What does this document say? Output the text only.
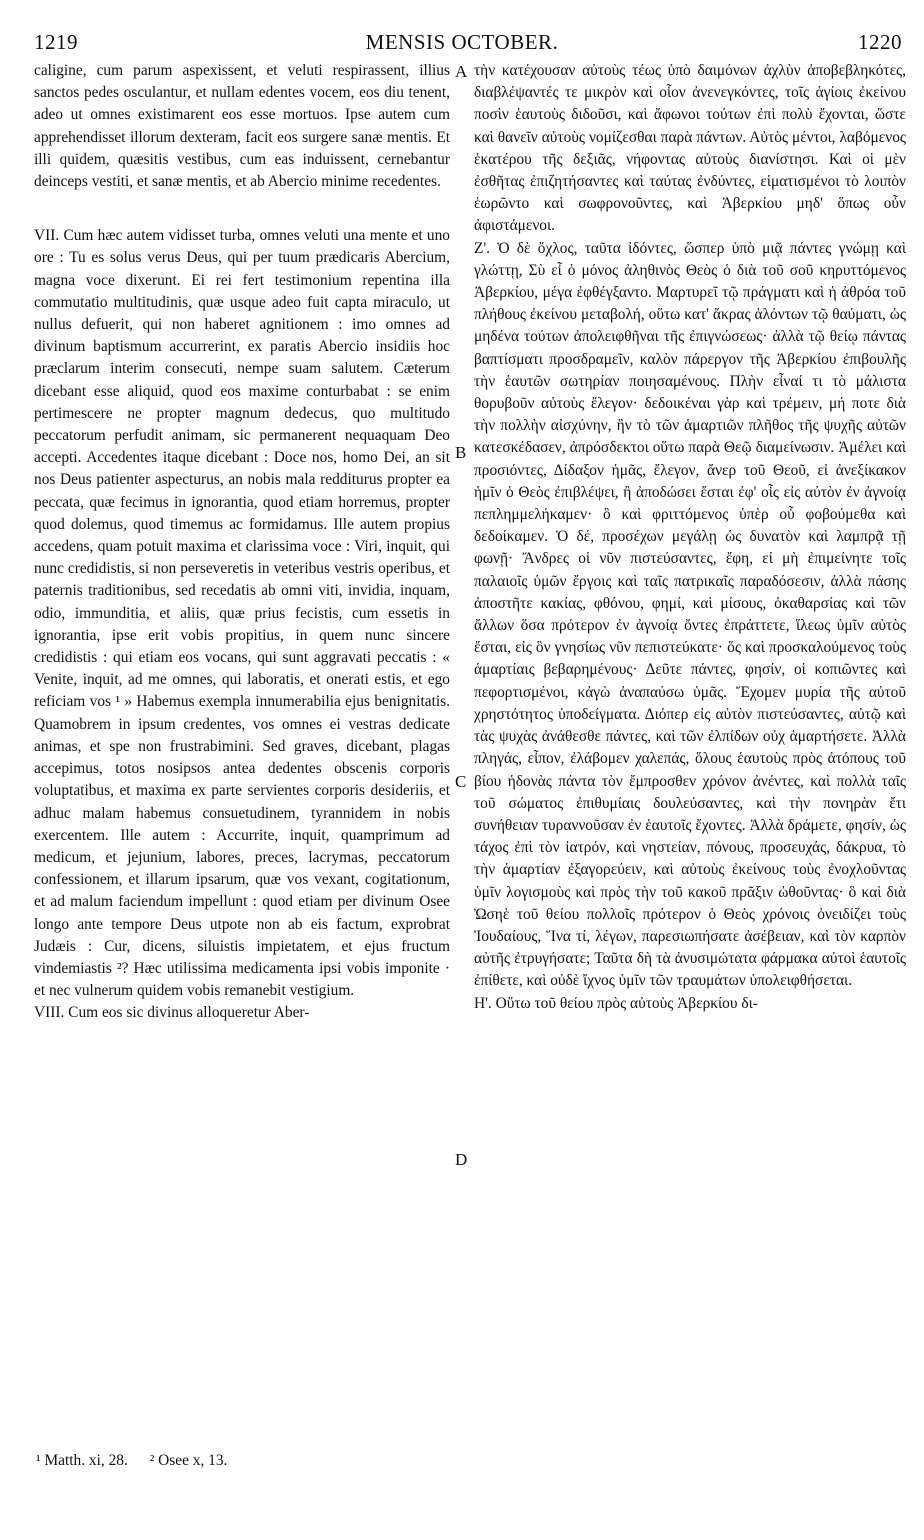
1219	MENSIS OCTOBER.	1220

caligine, cum parum aspexissent, et veluti respirassent, illius sanctos pedes osculantur, et nullam edentes vocem, eos diu tenent, adeo ut omnes existimarent eos esse mortuos. Ipse autem cum apprehendisset illorum dexteram, facit eos surgere sanæ mentis. Et illi quidem, quæsitis vestibus, cum eas induissent, cernebantur deinceps vestiti, et sanæ mentis, et ab Abercio minime recedentes.

VII. Cum hæc autem vidisset turba, omnes veluti una mente et uno ore : Tu es solus verus Deus, qui per tuum prædicaris Abercium, magna voce dixerunt. Ei rei fert testimonium repentina illa commutatio multitudinis, quæ usque adeo fuit capta miraculo, ut nullus defuerit, qui non haberet agnitionem : imo omnes ad divinum baptismum accurrerint, ex paratis Abercio insidiis hoc præclarum interim consecuti, nempe suam salutem. Cæterum dicebant esse aliquid, quod eos maxime conturbabat : se enim pertimescere ne propter magnum dedecus, quo multitudo peccatorum perfudit animam, sic permanerent nequaquam Deo accepti. Accedentes itaque dicebant : Doce nos, homo Dei, an sit nos Deus patienter aspecturus, an nobis mala redditurus propter ea peccata, quæ fecimus in ignorantia, quod etiam horremus, propter quod dolemus, quod timemus ac formidamus. Ille autem propius accedens, quam potuit maxima et clarissima voce : Viri, inquit, qui nunc credidistis, si non perseveretis in veteribus vestris operibus, et paternis traditionibus, sed recedatis ab omni viti, invidia, inquam, odio, immunditia, et aliis, quæ prius fecistis, cum essetis in ignorantia, ipse erit vobis propitius, in quem nunc sincere credidistis : qui etiam eos vocans, qui sunt aggravati peccatis : « Venite, inquit, ad me omnes, qui laboratis, et onerati estis, et ego reficiam vos ¹ » Habemus exempla innumerabilia ejus benignitatis. Quamobrem in ipsum credentes, vos omnes ei vestras dedicate animas, et spe non frustrabimini. Sed graves, dicebant, plagas accepimus, totos nosipsos antea dedentes obscenis corporis voluptatibus, et maxima ex parte servientes corporis desideriis, et adhuc malam habemus consuetudinem, tyrannidem in nobis exercentem. Ille autem : Accurrite, inquit, quamprimum ad medicum, et jejunium, labores, preces, lacrymas, peccatorum confessionem, et illarum ipsarum, quæ vos vexant, cogitationum, et ad malum faciendum impellunt : quod etiam per divinum Osee longo ante tempore Deus utpote non ab eis factum, exprobrat Judæis : Cur, dicens, siluistis impietatem, et ejus fructum vindemiastis ²? Hæc utilissima medicamenta ipsi vobis imponite · et nec vulnerum quidem vobis remanebit vestigium.

VIII. Cum eos sic divinus alloqueretur Aber-

A
B
C
D

τὴν κατέχουσαν αὐτοὺς τέως ὑπὸ δαιμόνων ἀχλὺν ἀποβεβληκότες, διαβλέψαντές τε μικρὸν καὶ οἷον ἀνενεγκόντες, τοῖς ἁγίοις ἐκείνου ποσὶν ἑαυτοὺς διδοῦσι, καὶ ἄφωνοι τούτων ἐπὶ πολὺ ἔχονται, ὥστε καὶ θανεῖν αὐτοὺς νομίζεσθαι παρὰ πάντων. Αὐτὸς μέντοι, λαβόμενος ἑκατέρου τῆς δεξιᾶς, νήφοντας αὐτοὺς διανίστησι. Καὶ οἱ μὲν ἐσθῆτας ἐπιζητήσαντες καὶ ταύτας ἐνδύντες, εἱματισμένοι τὸ λοιπὸν ἑωρῶντο καὶ σωφρονοῦντες, καὶ Ἀβερκίου μηδ' ὅπως οὖν ἀφιστάμενοι.

Ζ'. Ὁ δὲ ὄχλος, ταῦτα ἰδόντες, ὥσπερ ὑπὸ μιᾷ πάντες γνώμῃ καὶ γλώττῃ, Σὺ εἶ ὁ μόνος ἀληθινὸς Θεὸς ὁ διὰ τοῦ σοῦ κηρυττόμενος Ἀβερκίου, μέγα ἐφθέγξαντο. Μαρτυρεῖ τῷ πράγματι καὶ ἡ ἀθρόα τοῦ πλήθους ἐκείνου μεταβολή, οὕτω κατ' ἄκρας ἁλόντων τῷ θαύματι, ὡς μηδένα τούτων ἀπολειφθῆναι τῆς ἐπιγνώσεως· ἀλλὰ τῷ θείῳ πάντας βαπτίσματι προσδραμεῖν, καλὸν πάρεργον τῆς Ἀβερκίου ἐπιβουλῆς τὴν ἑαυτῶν σωτηρίαν ποιησαμένους. Πλὴν εἶναί τι τὸ μάλιστα θορυβοῦν αὐτοὺς ἔλεγον· δεδοικέναι γὰρ καὶ τρέμειν, μή ποτε διὰ τὴν πολλὴν αἰσχύνην, ἣν τὸ τῶν ἁμαρτιῶν πλῆθος τῆς ψυχῆς αὐτῶν κατεσκέδασεν, ἀπρόσδεκτοι οὕτω παρὰ Θεῷ διαμείνωσιν. Ἀμέλει καὶ προσιόντες, Δίδαξον ἡμᾶς, ἔλεγον, ἄνερ τοῦ Θεοῦ, εἰ ἀνεξίκακον ἡμῖν ὁ Θεὸς ἐπιβλέψει, ἢ ἀποδώσει ἔσται ἐφ' οἷς εἰς αὐτὸν ἐν ἀγνοίᾳ πεπλημμελήκαμεν· ὃ καὶ φριττόμενος ὑπὲρ οὗ φοβούμεθα καὶ δεδοίκαμεν. Ὁ δέ, προσέχων μεγάλῃ ὡς δυνατὸν καὶ λαμπρᾷ τῇ φωνῇ· Ἄνδρες οἱ νῦν πιστεύσαντες, ἔφη, εἰ μὴ ἐπιμείνητε τοῖς παλαιοῖς ὑμῶν ἔργοις καὶ ταῖς πατρικαῖς παραδόσεσιν, ἀλλὰ πάσης ἀποστῆτε κακίας, φθόνου, φημί, καὶ μίσους, ὀκαθαρσίας καὶ τῶν ἄλλων ὅσα πρότερον ἐν ἀγνοίᾳ ὄντες ἐπράττετε, ἵλεως ὑμῖν αὐτὸς ἔσται, εἰς ὃν γνησίως νῦν πεπιστεύκατε· ὅς καὶ προσκαλούμενος τοὺς ἁμαρτίαις βεβαρημένους· Δεῦτε πάντες, φησίν, οἱ κοπιῶντες καὶ πεφορτισμένοι, κἀγὼ ἀναπαύσω ὑμᾶς. Ἔχομεν μυρία τῆς αὐτοῦ χρηστότητος ὑποδείγματα. Διόπερ εἰς αὐτὸν πιστεύσαντες, αὐτῷ καὶ τὰς ψυχὰς ἀνάθεσθε πάντες, καὶ τῶν ἐλπίδων οὐχ ἁμαρτήσετε. Ἀλλὰ πληγάς, εἶπον, ἐλάβομεν χαλεπάς, ὅλους ἑαυτοὺς πρὸς ἀτόπους τοῦ βίου ἡδονὰς πάντα τὸν ἔμπροσθεν χρόνον ἀνέντες, καὶ πολλὰ ταῖς τοῦ σώματος ἐπιθυμίαις δουλεύσαντες, καὶ τὴν πονηρὰν ἔτι συνήθειαν τυραννοῦσαν ἐν ἑαυτοῖς ἔχοντες. Ἀλλὰ δράμετε, φησίν, ὡς τάχος ἐπὶ τὸν ἰατρόν, καὶ νηστείαν, πόνους, προσευχάς, δάκρυα, τὸ τὴν ἁμαρτίαν ἐξαγορεύειν, καὶ αὐτοὺς ἐκείνους τοὺς ἐνοχλοῦντας ὑμῖν λογισμοὺς καὶ πρὸς τὴν τοῦ κακοῦ πρᾶξιν ὠθοῦντας· ὃ καὶ διὰ Ὠσηὲ τοῦ θείου πολλοῖς πρότερον ὁ Θεὸς χρόνοις ὀνειδίζει τοὺς Ἰουδαίους, Ἵνα τί, λέγων, παρεσιωπήσατε ἀσέβειαν, καὶ τὸν καρπὸν αὐτῆς ἐτρυγήσατε; Ταῦτα δὴ τὰ ἀνυσιμώτατα φάρμακα αὐτοὶ ἑαυτοῖς ἐπίθετε, καὶ οὐδὲ ἴχνος ὑμῖν τῶν τραυμάτων ὑπολειφθήσεται.

Η'. Οὕτω τοῦ θείου πρὸς αὐτοὺς Ἀβερκίου δι-

¹ Matth. xi, 28. ² Osee x, 13.
